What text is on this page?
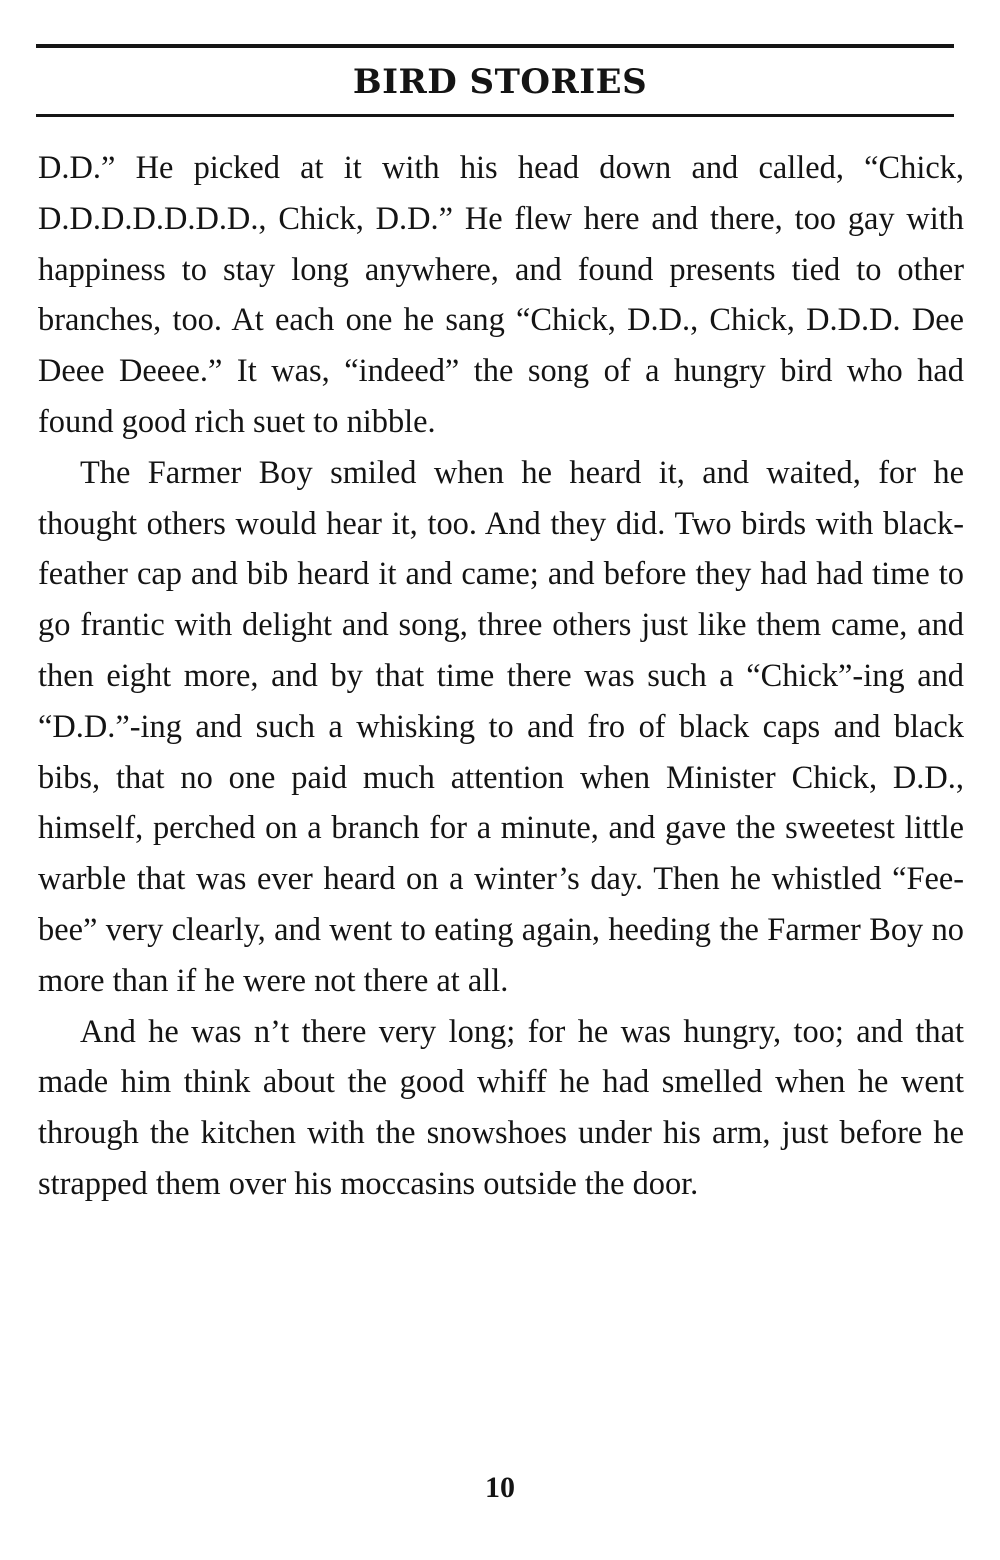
BIRD STORIES

D.D.” He picked at it with his head down and called, “Chick, D.D.D.D.D.D.D., Chick, D.D.” He flew here and there, too gay with happiness to stay long anywhere, and found presents tied to other branches, too. At each one he sang “Chick, D.D., Chick, D.D.D. Dee Deee Deeee.” It was, “indeed” the song of a hungry bird who had found good rich suet to nibble.

The Farmer Boy smiled when he heard it, and waited, for he thought others would hear it, too. And they did. Two birds with black-feather cap and bib heard it and came; and before they had had time to go frantic with delight and song, three others just like them came, and then eight more, and by that time there was such a “Chick”-ing and “D.D.”-ing and such a whisking to and fro of black caps and black bibs, that no one paid much attention when Minister Chick, D.D., himself, perched on a branch for a minute, and gave the sweetest little warble that was ever heard on a winter’s day. Then he whistled “Fee-bee” very clearly, and went to eating again, heeding the Farmer Boy no more than if he were not there at all.

And he was n’t there very long; for he was hungry, too; and that made him think about the good whiff he had smelled when he went through the kitchen with the snowshoes under his arm, just before he strapped them over his moccasins outside the door.

10
